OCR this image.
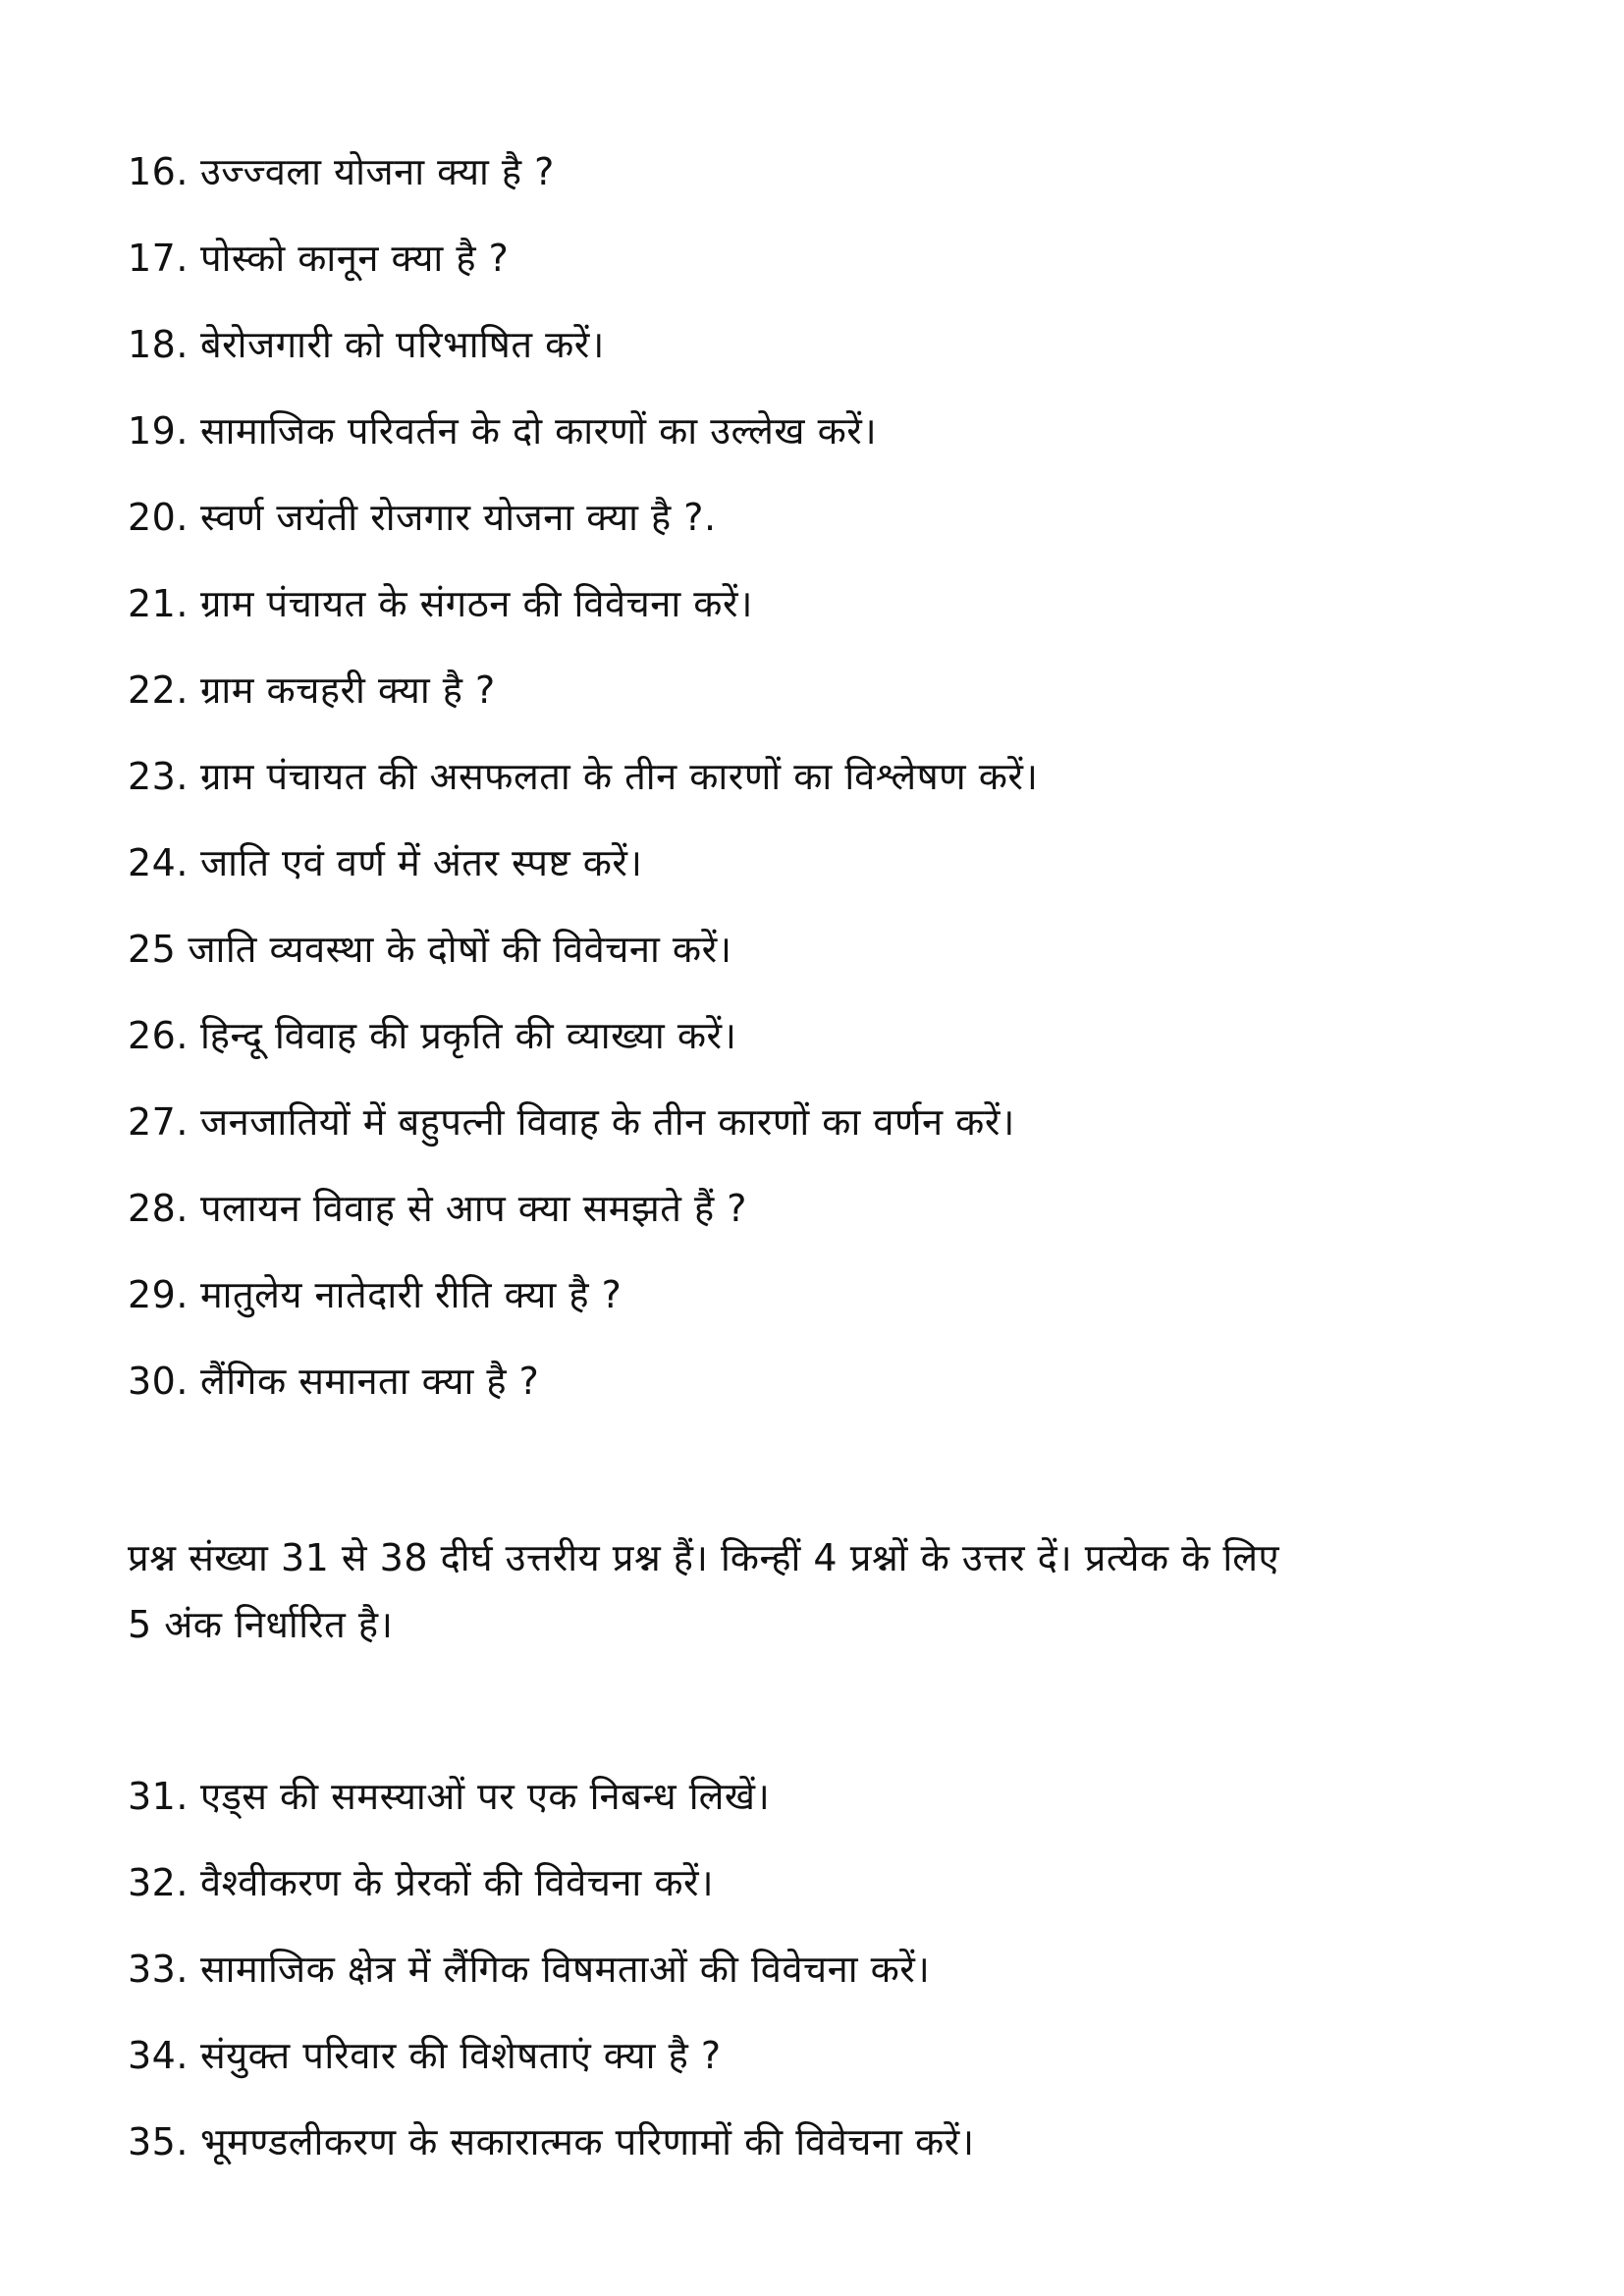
16. उज्ज्वला योजना क्या है ?
17. पोस्को कानून क्या है ?
18. बेरोजगारी को परिभाषित करें।
19. सामाजिक परिवर्तन के दो कारणों का उल्लेख करें।
20. स्वर्ण जयंती रोजगार योजना क्या है ?.
21. ग्राम पंचायत के संगठन की विवेचना करें।
22. ग्राम कचहरी क्या है ?
23. ग्राम पंचायत की असफलता के तीन कारणों का विश्लेषण करें।
24. जाति एवं वर्ण में अंतर स्पष्ट करें।
25 जाति व्यवस्था के दोषों की विवेचना करें।
26. हिन्दू विवाह की प्रकृति की व्याख्या करें।
27. जनजातियों में बहुपत्नी विवाह के तीन कारणों का वर्णन करें।
28. पलायन विवाह से आप क्या समझते हैं ?
29. मातुलेय नातेदारी रीति क्या है ?
30. लैंगिक समानता क्या है ?
प्रश्न संख्या 31 से 38 दीर्घ उत्तरीय प्रश्न हैं। किन्हीं 4 प्रश्नों के उत्तर दें। प्रत्येक के लिए
5 अंक निर्धारित है।
31. एड्स की समस्याओं पर एक निबन्ध लिखें।
32. वैश्वीकरण के प्रेरकों की विवेचना करें।
33. सामाजिक क्षेत्र में लैंगिक विषमताओं की विवेचना करें।
34. संयुक्त परिवार की विशेषताएं क्या है ?
35. भूमण्डलीकरण के सकारात्मक परिणामों की विवेचना करें।
